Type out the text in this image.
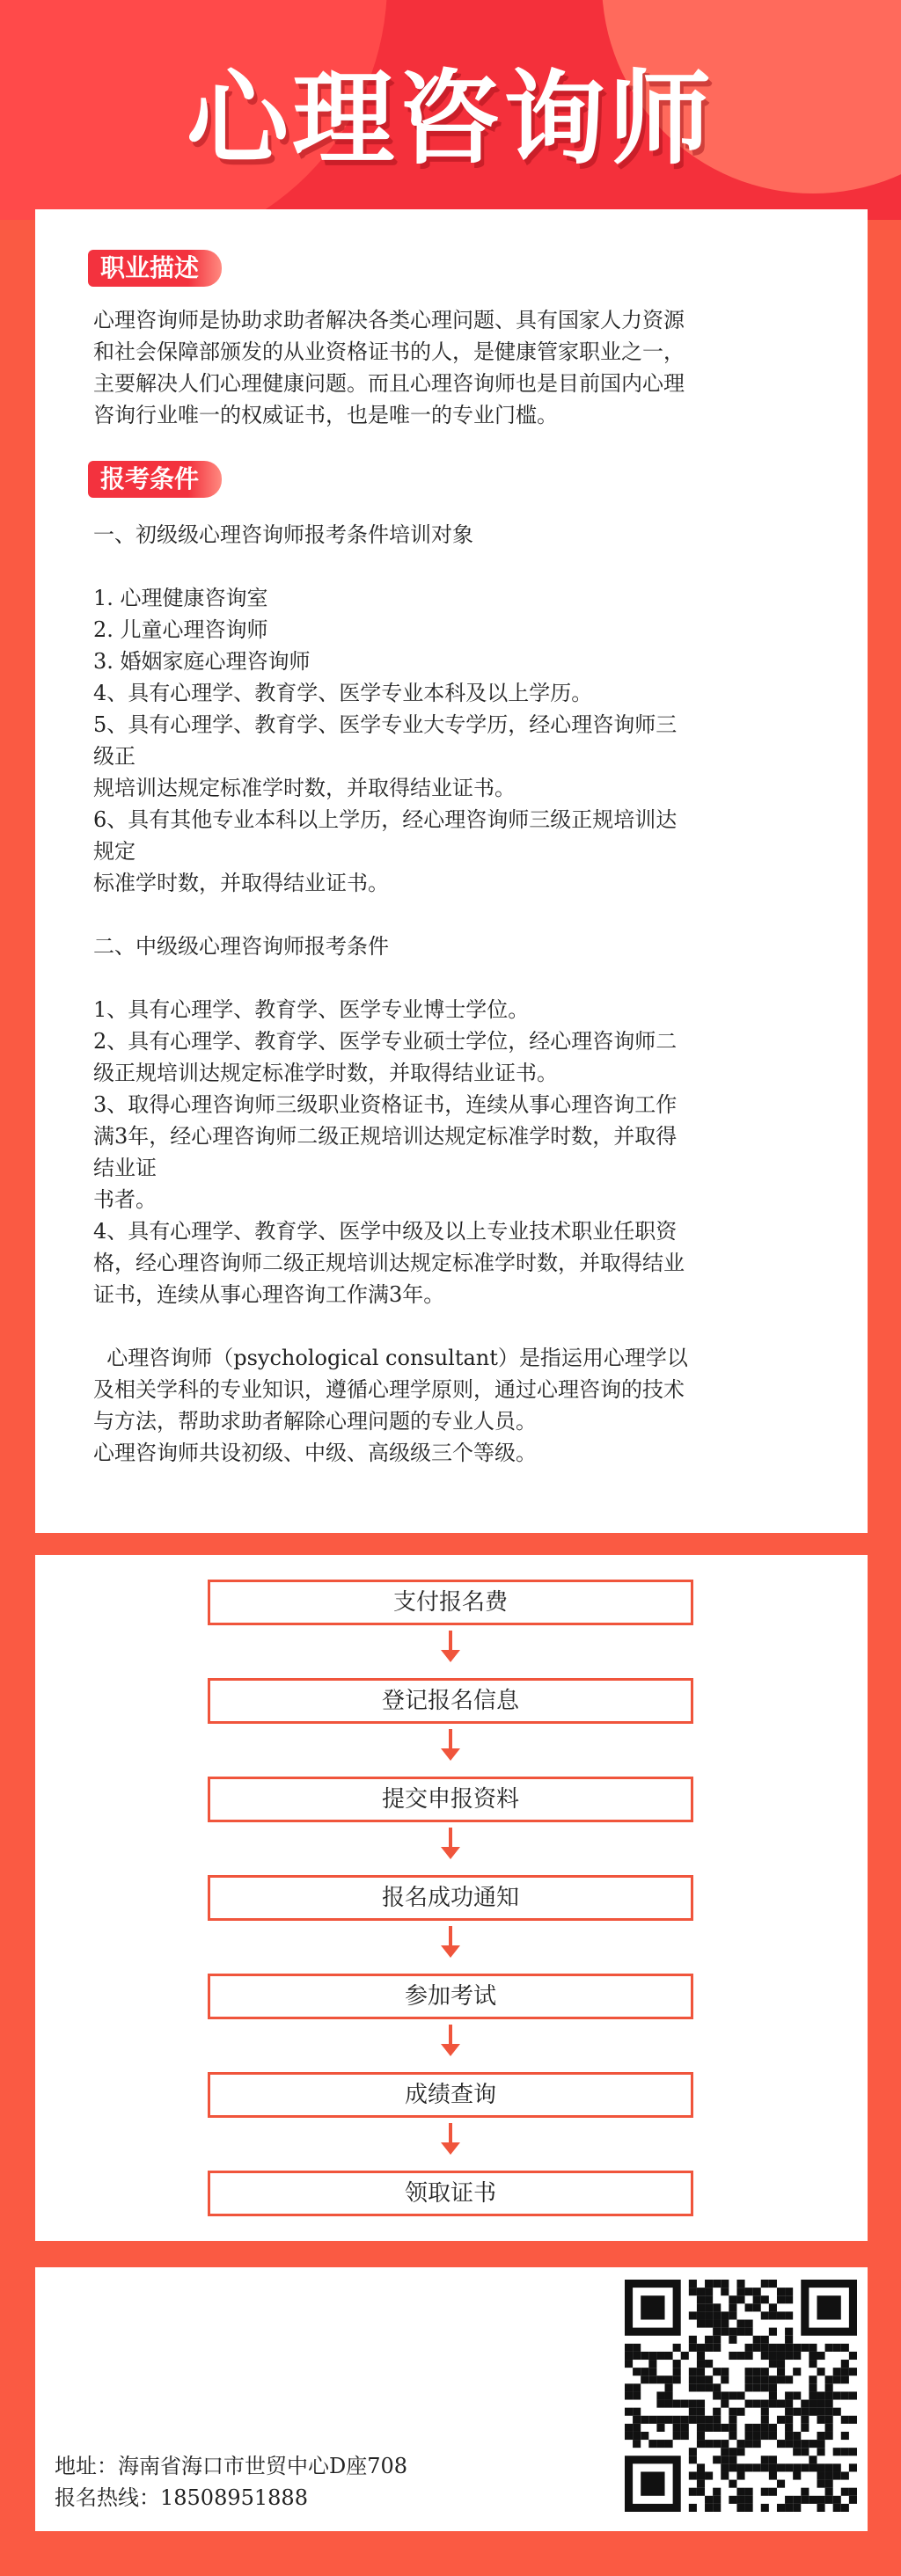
心理咨询师
职业描述
心理咨询师是协助求助者解决各类心理问题、具有国家人力资源
和社会保障部颁发的从业资格证书的人，是健康管家职业之一，
主要解决人们心理健康问题。而且心理咨询师也是目前国内心理
咨询行业唯一的权威证书，也是唯一的专业门槛。
报考条件
一、初级级心理咨询师报考条件培训对象

1. 心理健康咨询室
2. 儿童心理咨询师
3. 婚姻家庭心理咨询师
4、具有心理学、教育学、医学专业本科及以上学历。
5、具有心理学、教育学、医学专业大专学历，经心理咨询师三
级正
规培训达规定标准学时数，并取得结业证书。
6、具有其他专业本科以上学历，经心理咨询师三级正规培训达
规定
标准学时数，并取得结业证书。

二、中级级心理咨询师报考条件

1、具有心理学、教育学、医学专业博士学位。
2、具有心理学、教育学、医学专业硕士学位，经心理咨询师二
级正规培训达规定标准学时数，并取得结业证书。
3、取得心理咨询师三级职业资格证书，连续从事心理咨询工作
满3年，经心理咨询师二级正规培训达规定标准学时数，并取得
结业证
书者。
4、具有心理学、教育学、医学中级及以上专业技术职业任职资
格，经心理咨询师二级正规培训达规定标准学时数，并取得结业
证书，连续从事心理咨询工作满3年。

心理咨询师（psychological consultant）是指运用心理学以
及相关学科的专业知识，遵循心理学原则，通过心理咨询的技术
与方法，帮助求助者解除心理问题的专业人员。
心理咨询师共设初级、中级、高级级三个等级。
支付报名费
登记报名信息
提交申报资料
报名成功通知
参加考试
成绩查询
领取证书
地址：海南省海口市世贸中心D座708
报名热线：18508951888
